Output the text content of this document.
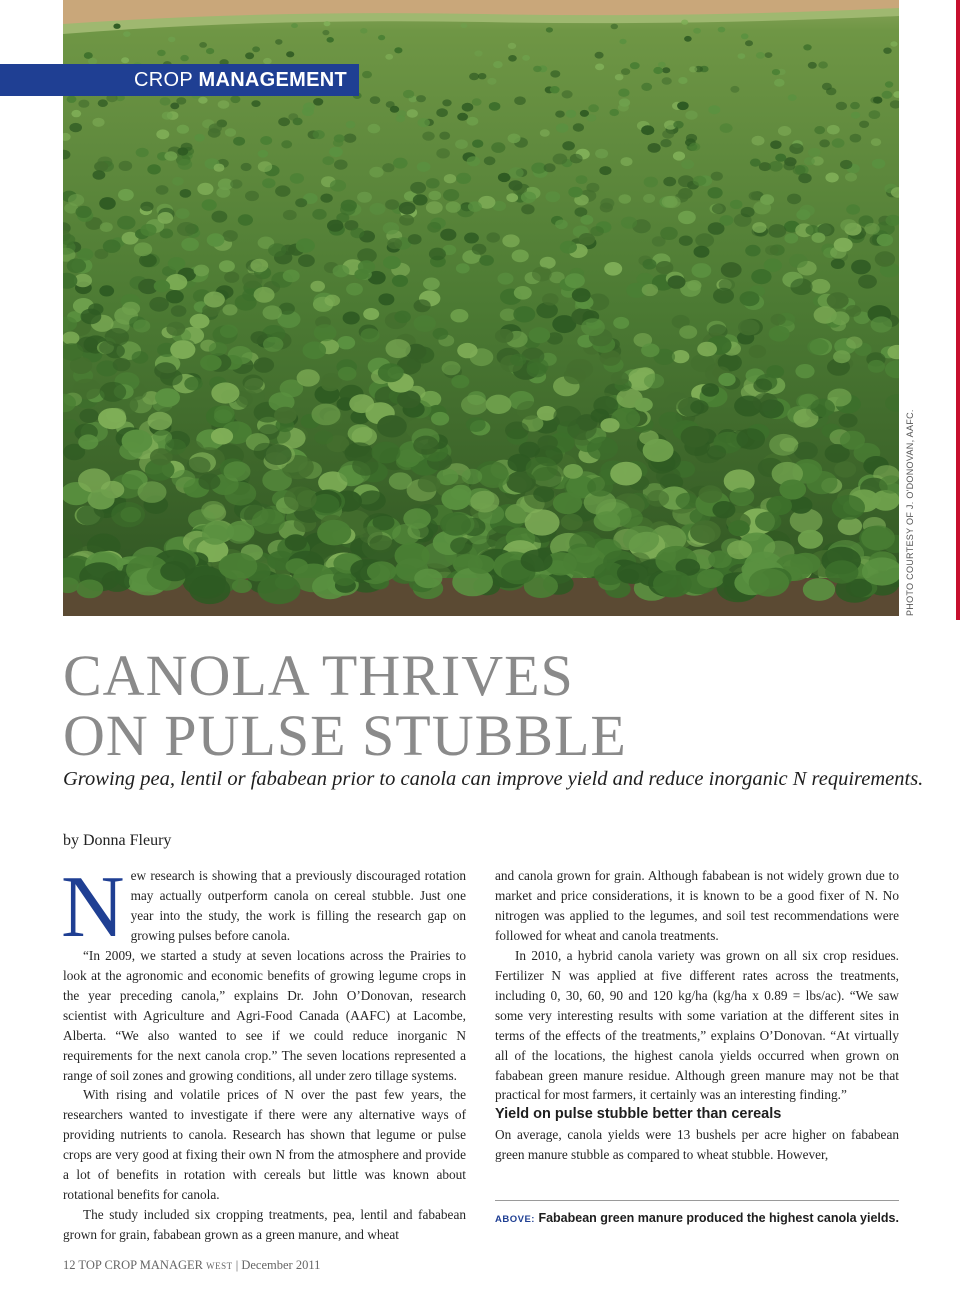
CROP MANAGEMENT
PHOTO COURTESY OF J. O'DONOVAN, AAFC.
CANOLA THRIVES
ON PULSE STUBBLE

Growing pea, lentil or fababean prior to canola can improve yield and reduce inorganic N requirements.

by Donna Fleury

New research is showing that a previously discouraged rotation may actually outperform canola on cereal stubble. Just one year into the study, the work is filling the research gap on growing pulses before canola.

“In 2009, we started a study at seven locations across the Prairies to look at the agronomic and economic benefits of growing legume crops in the year preceding canola,” explains Dr. John O’Donovan, research scientist with Agriculture and Agri-Food Canada (AAFC) at Lacombe, Alberta. “We also wanted to see if we could reduce inorganic N requirements for the next canola crop.” The seven locations represented a range of soil zones and growing conditions, all under zero tillage systems.

With rising and volatile prices of N over the past few years, the researchers wanted to investigate if there were any alternative ways of providing nutrients to canola. Research has shown that legume or pulse crops are very good at fixing their own N from the atmosphere and provide a lot of benefits in rotation with cereals but little was known about rotational benefits for canola.

The study included six cropping treatments, pea, lentil and fababean grown for grain, fababean grown as a green manure, and wheat

and canola grown for grain. Although fababean is not widely grown due to market and price considerations, it is known to be a good fixer of N. No nitrogen was applied to the legumes, and soil test recommendations were followed for wheat and canola treatments.

In 2010, a hybrid canola variety was grown on all six crop residues. Fertilizer N was applied at five different rates across the treatments, including 0, 30, 60, 90 and 120 kg/ha (kg/ha x 0.89 = lbs/ac). “We saw some very interesting results with some variation at the different sites in terms of the effects of the treatments,” explains O’Donovan. “At virtually all of the locations, the highest canola yields occurred when grown on fababean green manure residue. Although green manure may not be that practical for most farmers, it certainly was an interesting finding.”

Yield on pulse stubble better than cereals

On average, canola yields were 13 bushels per acre higher on fababean green manure stubble as compared to wheat stubble. However,

ABOVE: Fababean green manure produced the highest canola yields.
12 TOP CROP MANAGER WEST | December 2011
